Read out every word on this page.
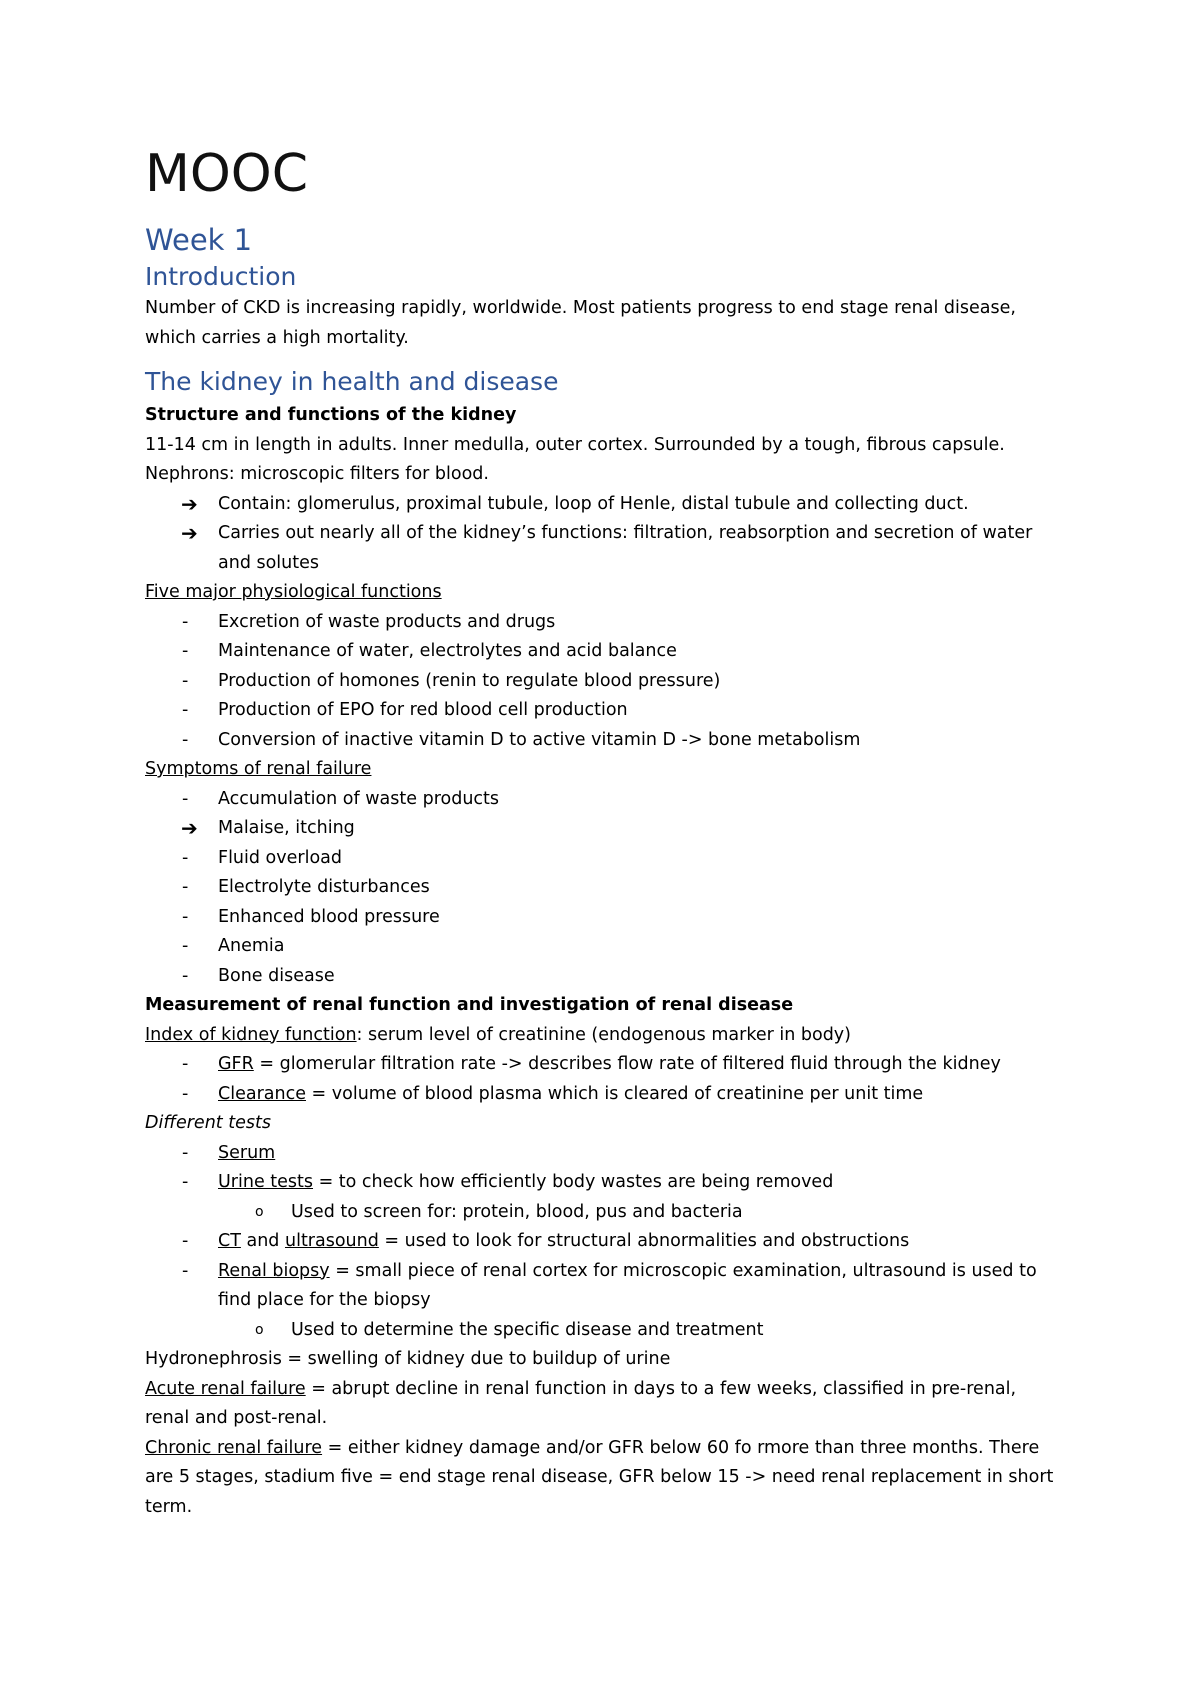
MOOC
Week 1
Introduction

Number of CKD is increasing rapidly, worldwide. Most patients progress to end stage renal disease,

which carries a high mortality.

The kidney in health and disease

Structure and functions of the kidney

11-14 cm in length in adults. Inner medulla, outer cortex. Surrounded by a tough, fibrous capsule.

Nephrons: microscopic filters for blood.

➔ Contain: glomerulus, proximal tubule, loop of Henle, distal tubule and collecting duct.
➔ Carries out nearly all of the kidney’s functions: filtration, reabsorption and secretion of water
and solutes

Five major physiological functions

- Excretion of waste products and drugs
- Maintenance of water, electrolytes and acid balance
- Production of homones (renin to regulate blood pressure)
- Production of EPO for red blood cell production
- Conversion of inactive vitamin D to active vitamin D -> bone metabolism

Symptoms of renal failure

- Accumulation of waste products
➔ Malaise, itching
- Fluid overload
- Electrolyte disturbances
- Enhanced blood pressure
- Anemia
- Bone disease

Measurement of renal function and investigation of renal disease

Index of kidney function: serum level of creatinine (endogenous marker in body)

- GFR = glomerular filtration rate -> describes flow rate of filtered fluid through the kidney
- Clearance = volume of blood plasma which is cleared of creatinine per unit time

Different tests

- Serum
- Urine tests = to check how efficiently body wastes are being removed
o Used to screen for: protein, blood, pus and bacteria
- CT and ultrasound = used to look for structural abnormalities and obstructions
- Renal biopsy = small piece of renal cortex for microscopic examination, ultrasound is used to
find place for the biopsy
o Used to determine the specific disease and treatment

Hydronephrosis = swelling of kidney due to buildup of urine

Acute renal failure = abrupt decline in renal function in days to a few weeks, classified in pre-renal,

renal and post-renal.

Chronic renal failure = either kidney damage and/or GFR below 60 fo rmore than three months. There

are 5 stages, stadium five = end stage renal disease, GFR below 15 -> need renal replacement in short

term.
